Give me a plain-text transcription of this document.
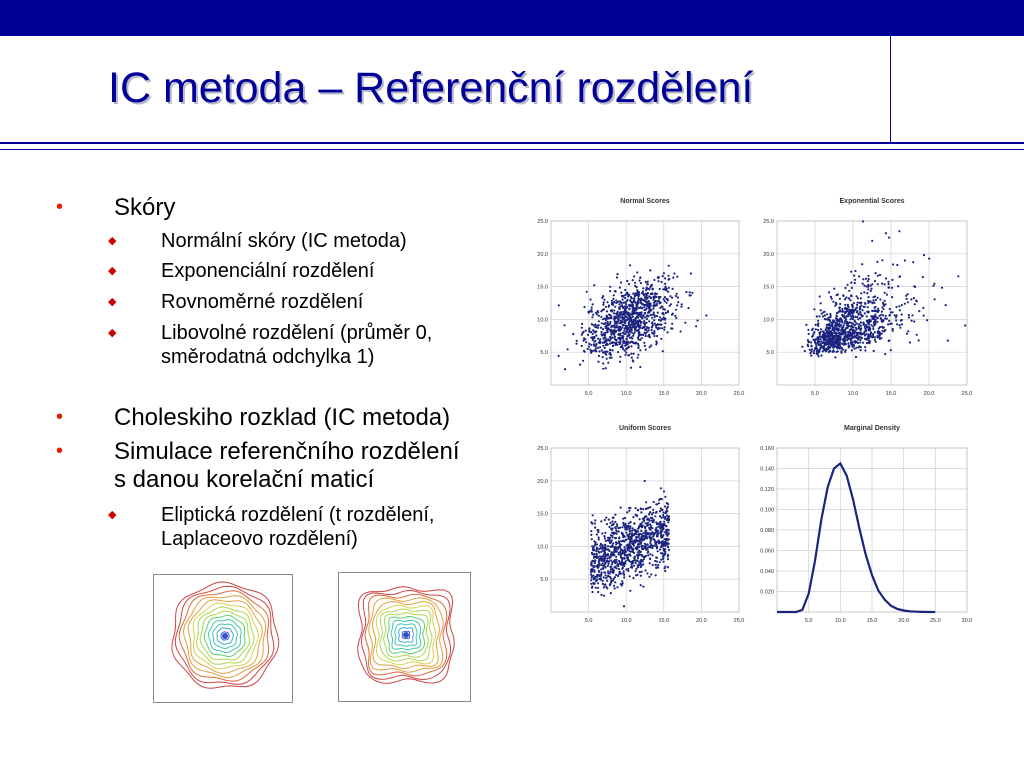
IC metoda – Referenční rozdělení
• Skóry
◆ Normální skóry (IC metoda)
◆ Exponenciální rozdělení
◆ Rovnoměrné rozdělení
◆ Libovolné rozdělení (průměr 0,
směrodatná odchylka 1)
• Choleskiho rozklad (IC metoda)
• Simulace referenčního rozdělení
s danou korelační maticí
◆ Eliptická rozdělení (t rozdělení,
Laplaceovo rozdělení)
Normal Scores
5.0
10.0
15.0
20.0
25.0
5.0	10.0	15.0	20.0	25.0
Exponential Scores
5.0
10.0
15.0
20.0
25.0
5.0	10.0	15.0	20.0	25.0
Uniform Scores
5.0
10.0
15.0
20.0
25.0
5.0	10.0	15.0	20.0	25.0
Marginal Density
0.020
0.040
0.060
0.080
0.100
0.120
0.140
0.160
5.0	10.0	15.0	20.0	25.0	30.0
